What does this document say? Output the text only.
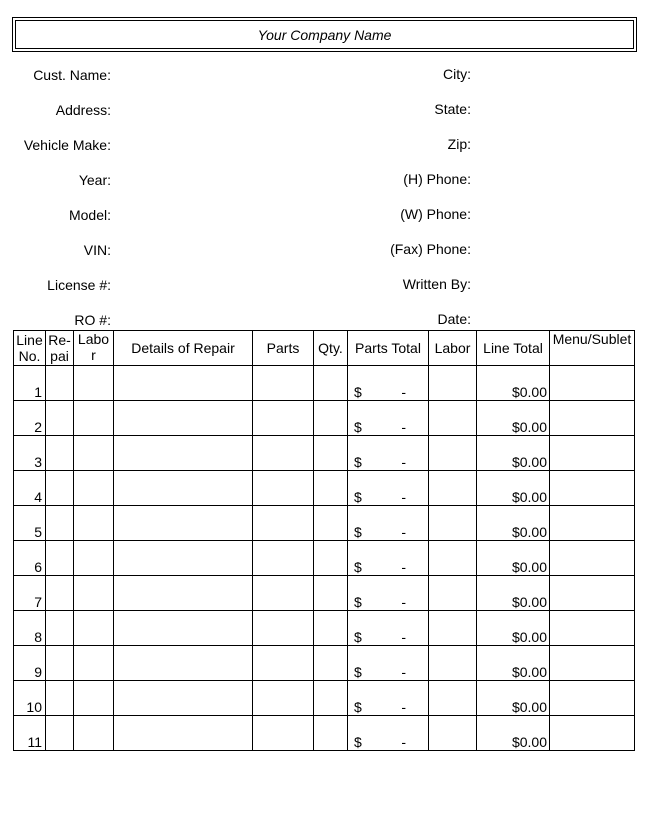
Your Company Name
Cust. Name:
Address:
Vehicle Make:
Year:
Model:
VIN:
License #:
RO #:
City:
State:
Zip:
(H) Phone:
(W) Phone:
(Fax) Phone:
Written By:
Date:
Line No.	Re-pai	Labo r	Details of Repair	Parts	Qty.	Parts Total	Labor	Line Total	Menu/Sublet
1						$ -		$0.00	
2						$ -		$0.00	
3						$ -		$0.00	
4						$ -		$0.00	
5						$ -		$0.00	
6						$ -		$0.00	
7						$ -		$0.00	
8						$ -		$0.00	
9						$ -		$0.00	
10						$ -		$0.00	
11						$ -		$0.00	
